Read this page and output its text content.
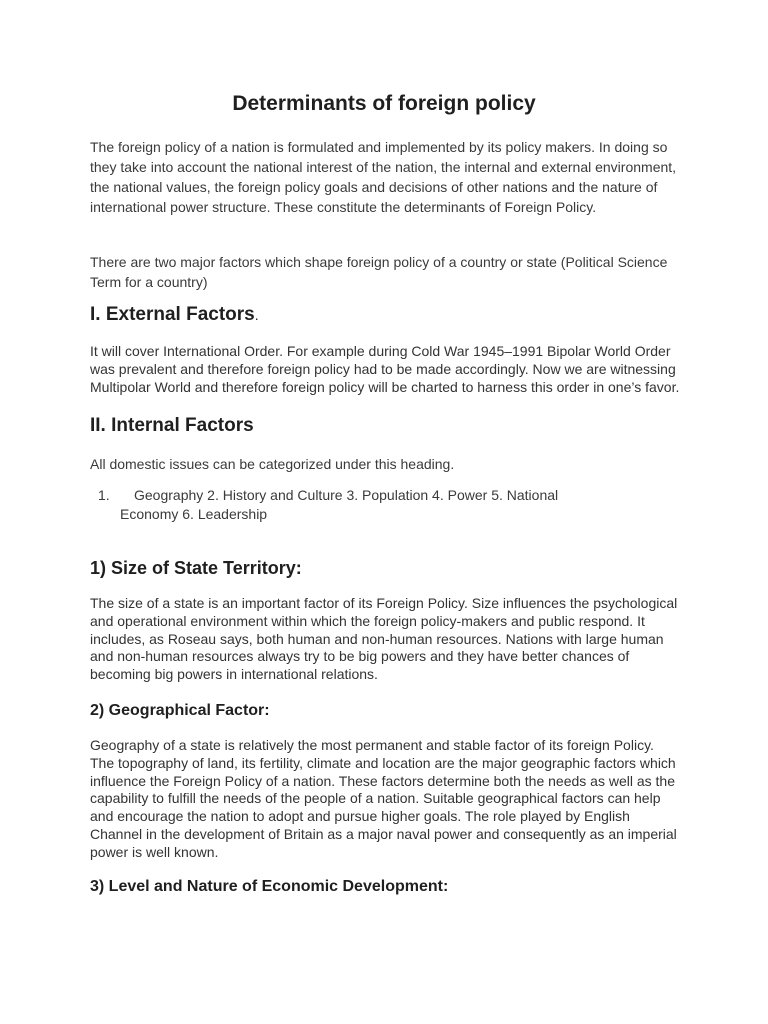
Determinants of foreign policy

The foreign policy of a nation is formulated and implemented by its policy makers. In doing so they take into account the national interest of the nation, the internal and external environment, the national values, the foreign policy goals and decisions of other nations and the nature of international power structure. These constitute the determinants of Foreign Policy.

There are two major factors which shape foreign policy of a country or state (Political Science Term for a country)

I. External Factors.

It will cover International Order. For example during Cold War 1945–1991 Bipolar World Order was prevalent and therefore foreign policy had to be made accordingly. Now we are witnessing Multipolar World and therefore foreign policy will be charted to harness this order in one’s favor.

II. Internal Factors

All domestic issues can be categorized under this heading.

1. Geography 2. History and Culture 3. Population 4. Power 5. National
Economy 6. Leadership
1) Size of State Territory:

The size of a state is an important factor of its Foreign Policy. Size influences the psychological and operational environment within which the foreign policy-makers and public respond. It includes, as Roseau says, both human and non-human resources. Nations with large human and non-human resources always try to be big powers and they have better chances of becoming big powers in international relations.

2) Geographical Factor:

Geography of a state is relatively the most permanent and stable factor of its foreign Policy. The topography of land, its fertility, climate and location are the major geographic factors which influence the Foreign Policy of a nation. These factors determine both the needs as well as the capability to fulfill the needs of the people of a nation. Suitable geographical factors can help and encourage the nation to adopt and pursue higher goals. The role played by English Channel in the development of Britain as a major naval power and consequently as an imperial power is well known.

3) Level and Nature of Economic Development:
